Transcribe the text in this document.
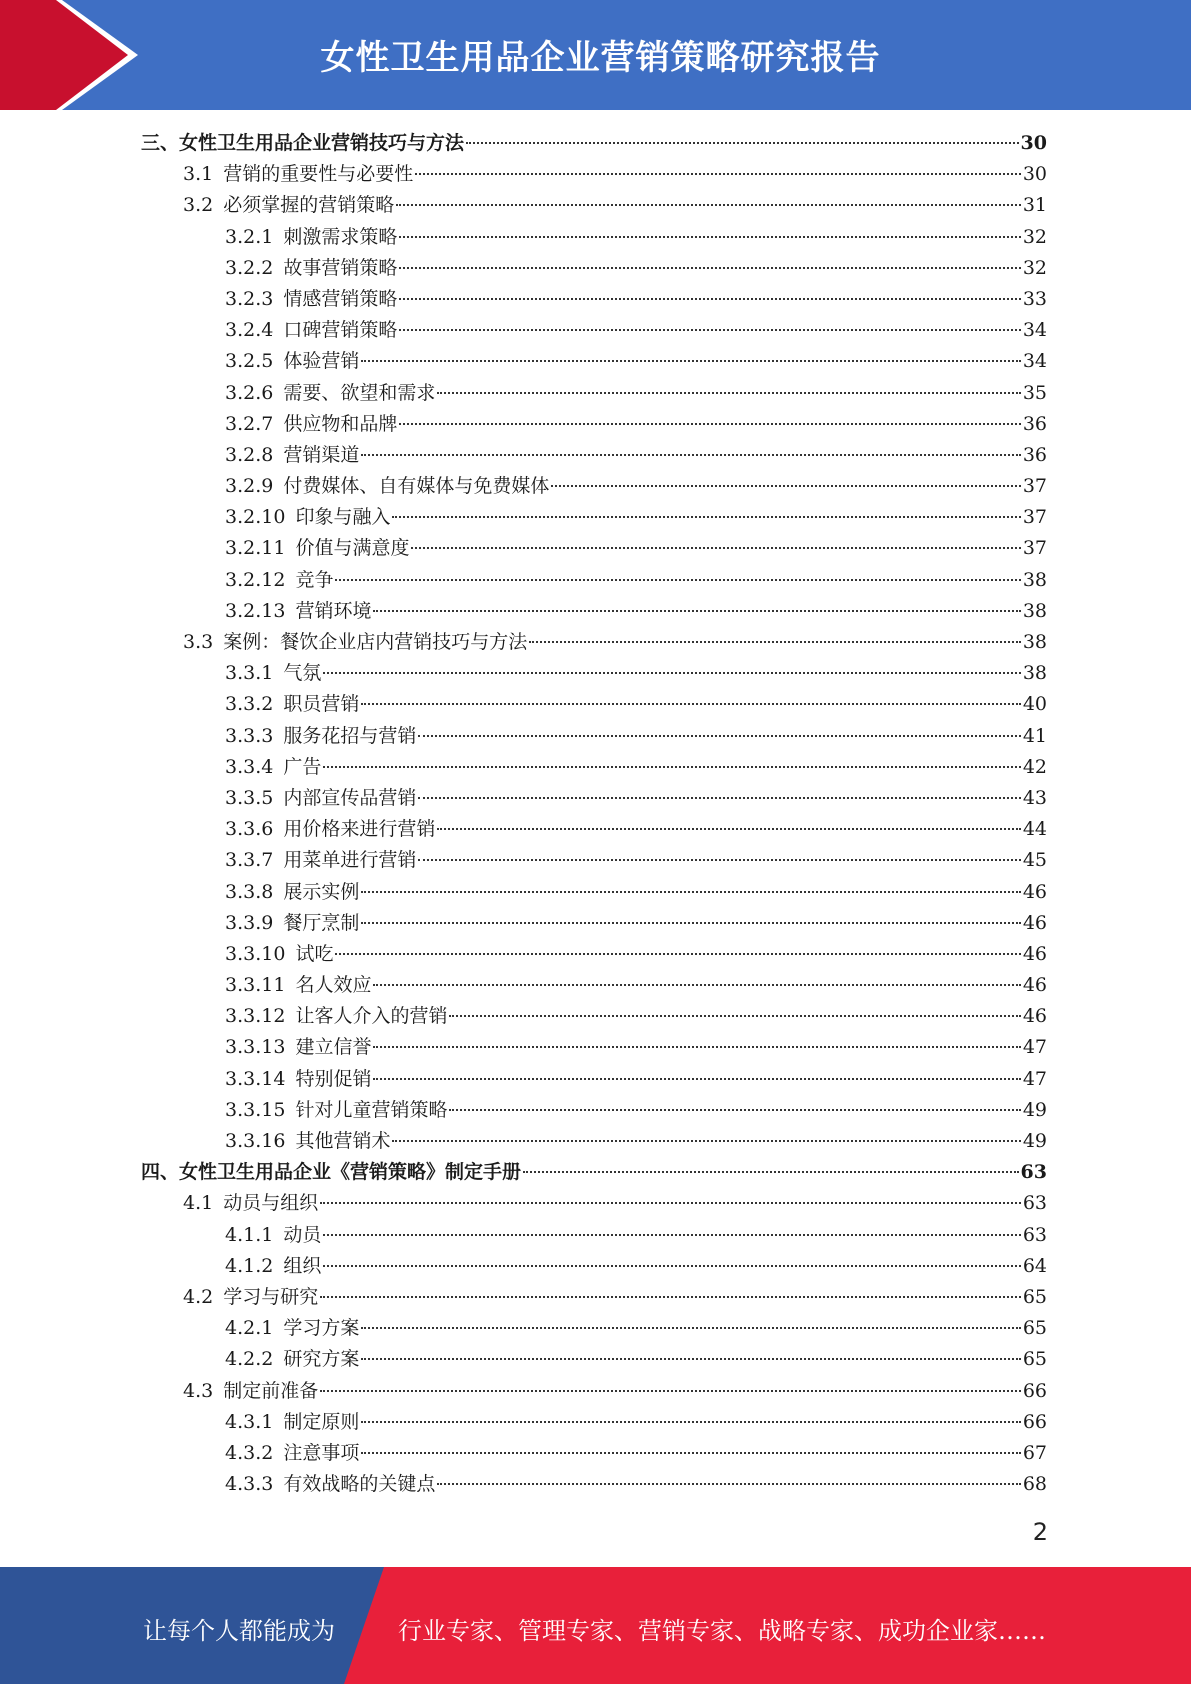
女性卫生用品企业营销策略研究报告
三、 女性卫生用品企业营销技巧与方法	30
3.1 营销的重要性与必要性	30
3.2 必须掌握的营销策略	31
3.2.1 刺激需求策略	32
3.2.2 故事营销策略	32
3.2.3 情感营销策略	33
3.2.4 口碑营销策略	34
3.2.5 体验营销	34
3.2.6 需要、欲望和需求	35
3.2.7 供应物和品牌	36
3.2.8 营销渠道	36
3.2.9 付费媒体、自有媒体与免费媒体	37
3.2.10 印象与融入	37
3.2.11 价值与满意度	37
3.2.12 竞争	38
3.2.13 营销环境	38
3.3 案例：餐饮企业店内营销技巧与方法	38
3.3.1 气氛	38
3.3.2 职员营销	40
3.3.3 服务花招与营销	41
3.3.4 广告	42
3.3.5 内部宣传品营销	43
3.3.6 用价格来进行营销	44
3.3.7 用菜单进行营销	45
3.3.8 展示实例	46
3.3.9 餐厅烹制	46
3.3.10 试吃	46
3.3.11 名人效应	46
3.3.12 让客人介入的营销	46
3.3.13 建立信誉	47
3.3.14 特别促销	47
3.3.15 针对儿童营销策略	49
3.3.16 其他营销术	49
四、 女性卫生用品企业《营销策略》制定手册	63
4.1 动员与组织	63
4.1.1 动员	63
4.1.2 组织	64
4.2 学习与研究	65
4.2.1 学习方案	65
4.2.2 研究方案	65
4.3 制定前准备	66
4.3.1 制定原则	66
4.3.2 注意事项	67
4.3.3 有效战略的关键点	68
2
让每个人都能成为	行业专家、管理专家、营销专家、战略专家、成功企业家……
